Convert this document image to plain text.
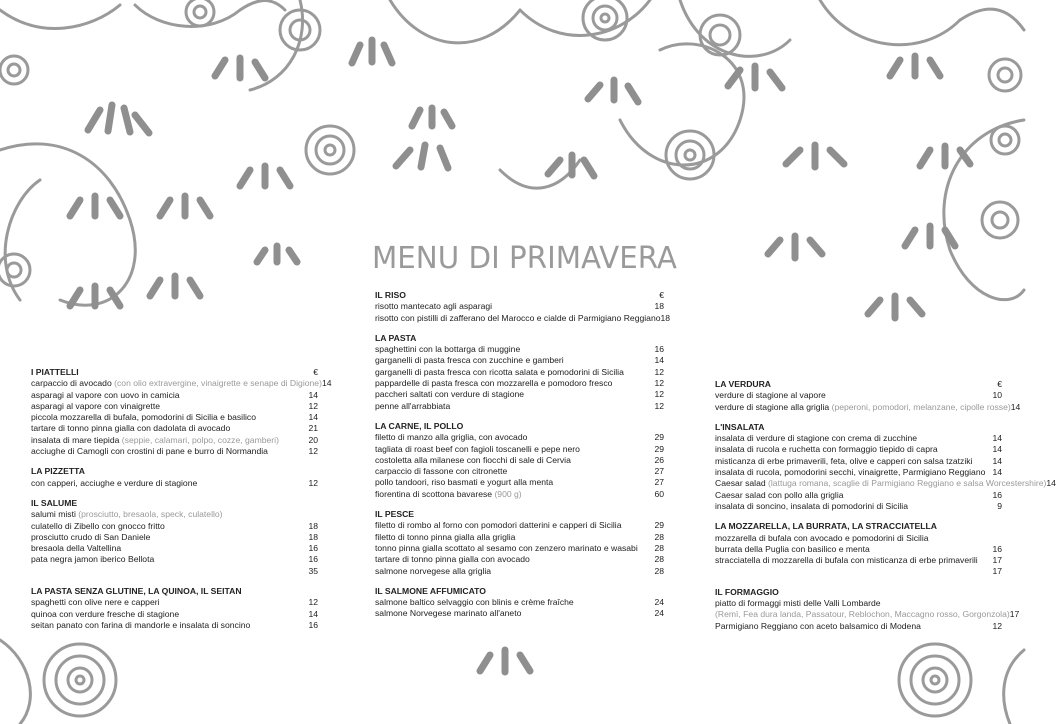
MENU DI PRIMAVERA
I PIATTELLI	€
carpaccio di avocado (con olio extravergine, vinaigrette e senape di Digione) 14
asparagi al vapore con uovo in camicia	14
asparagi al vapore con vinaigrette	12
piccola mozzarella di bufala, pomodorini di Sicilia e basilico	14
tartare di tonno pinna gialla con dadolata di avocado	21
insalata di mare tiepida (seppie, calamari, polpo, cozze, gamberi)	20
acciughe di Camogli con crostini di pane e burro di Normandia	12
LA PIZZETTA
con capperi, acciughe e verdure di stagione	12
IL SALUME
salumi misti (prosciutto, bresaola, speck, culatello)
culatello di Zibello con gnocco fritto	18
prosciutto crudo di San Daniele	18
bresaola della Valtellina	16
pata negra jamon iberico Bellota	16

35
LA PASTA SENZA GLUTINE, LA QUINOA, IL SEITAN
spaghetti con olive nere e capperi	12
quinoa con verdure fresche di stagione	14
seitan panato con farina di mandorle e insalata di soncino	16
IL RISO	€
risotto mantecato agli asparagi	18
risotto con pistilli di zafferano del Marocco e cialde di Parmigiano Reggiano 18
LA PASTA
spaghettini con la bottarga di muggine	16
garganelli di pasta fresca con zucchine e gamberi	14
garganelli di pasta fresca con ricotta salata e pomodorini di Sicilia	12
pappardelle di pasta fresca con mozzarella e pomodoro fresco	12
paccheri saltati con verdure di stagione	12
penne all'arrabbiata	12
LA CARNE, IL POLLO
filetto di manzo alla griglia, con avocado	29
tagliata di roast beef con fagioli toscanelli e pepe nero	29
costoletta alla milanese con fiocchi di sale di Cervia	26
carpaccio di fassone con citronette	27
pollo tandoori, riso basmati e yogurt alla menta	27
fiorentina di scottona bavarese (900 g)	60
IL PESCE
filetto di rombo al forno con pomodori datterini e capperi di Sicilia	29
filetto di tonno pinna gialla alla griglia	28
tonno pinna gialla scottato al sesamo con zenzero marinato e wasabi	28
tartare di tonno pinna gialla con avocado	28
salmone norvegese alla griglia	28
IL SALMONE AFFUMICATO
salmone baltico selvaggio con blinis e crème fraîche	24
salmone Norvegese marinato all'aneto	24
LA VERDURA	€
verdure di stagione al vapore	10
verdure di stagione alla griglia (peperoni, pomodori, melanzane, cipolle rosse) 14
L'INSALATA
insalata di verdure di stagione con crema di zucchine	14
insalata di rucola e ruchetta con formaggio tiepido di capra	14
misticanza di erbe primaverili, feta, olive e capperi con salsa tzatziki	14
insalata di rucola, pomodorini secchi, vinaigrette, Parmigiano Reggiano 14
Caesar salad (lattuga romana, scaglie di Parmigiano Reggiano e salsa Worcestershire) 14
Caesar salad con pollo alla griglia	16
insalata di soncino, insalata di pomodorini di Sicilia	9
LA MOZZARELLA, LA BURRATA, LA STRACCIATELLA
mozzarella di bufala con avocado e pomodorini di Sicilia
burrata della Puglia con basilico e menta	16
stracciatella di mozzarella di bufala con misticanza di erbe primaverili	17

17
IL FORMAGGIO
piatto di formaggi misti delle Valli Lombarde
(Remì, Fea dura landa, Passatour, Reblochon, Maccagno rosso, Gorgonzola) 17
Parmigiano Reggiano con aceto balsamico di Modena	12
